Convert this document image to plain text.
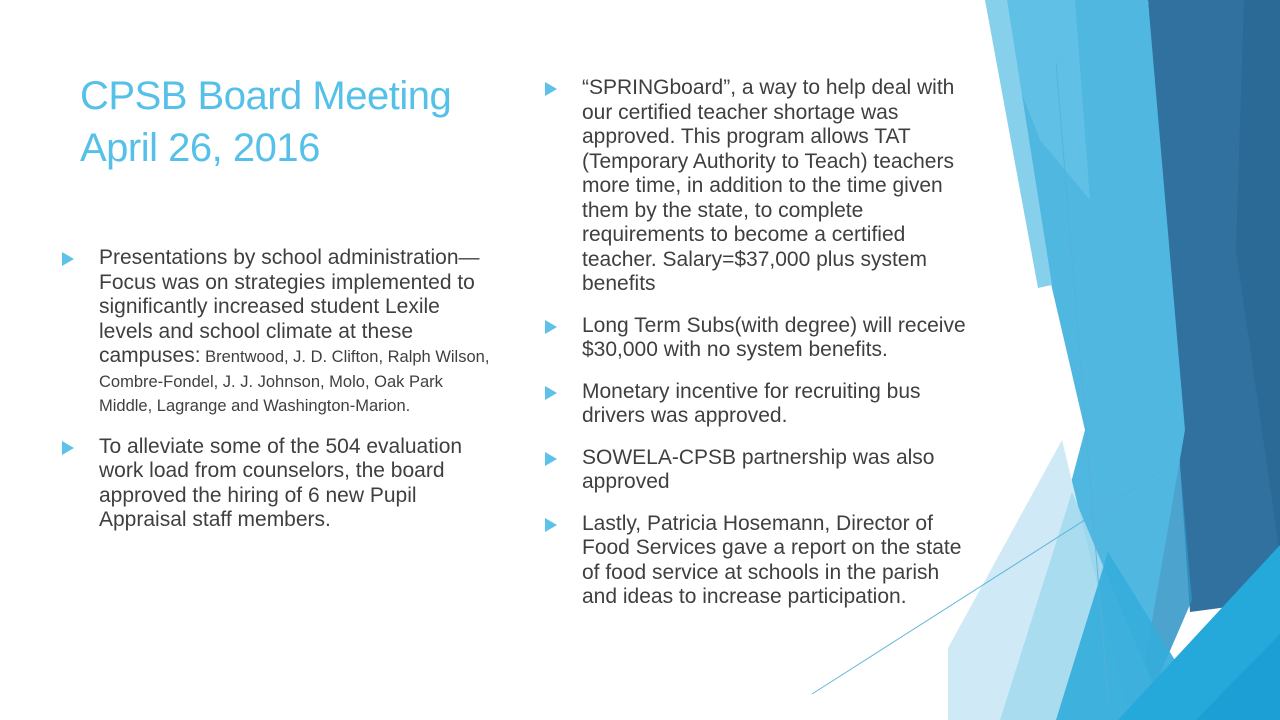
CPSB Board Meeting
April 26, 2016

Presentations by school administration—Focus was on strategies implemented to significantly increased student Lexile levels and school climate at these campuses: Brentwood, J. D. Clifton, Ralph Wilson, Combre-Fondel, J. J. Johnson, Molo, Oak Park Middle, Lagrange and Washington-Marion.

To alleviate some of the 504 evaluation work load from counselors, the board approved the hiring of 6 new Pupil Appraisal staff members.

“SPRINGboard”, a way to help deal with our certified teacher shortage was approved. This program allows TAT (Temporary Authority to Teach) teachers more time, in addition to the time given them by the state, to complete requirements to become a certified teacher. Salary=$37,000 plus system benefits

Long Term Subs(with degree) will receive $30,000 with no system benefits.

Monetary incentive for recruiting bus drivers was approved.

SOWELA-CPSB partnership was also approved

Lastly, Patricia Hosemann, Director of Food Services gave a report on the state of food service at schools in the parish and ideas to increase participation.
